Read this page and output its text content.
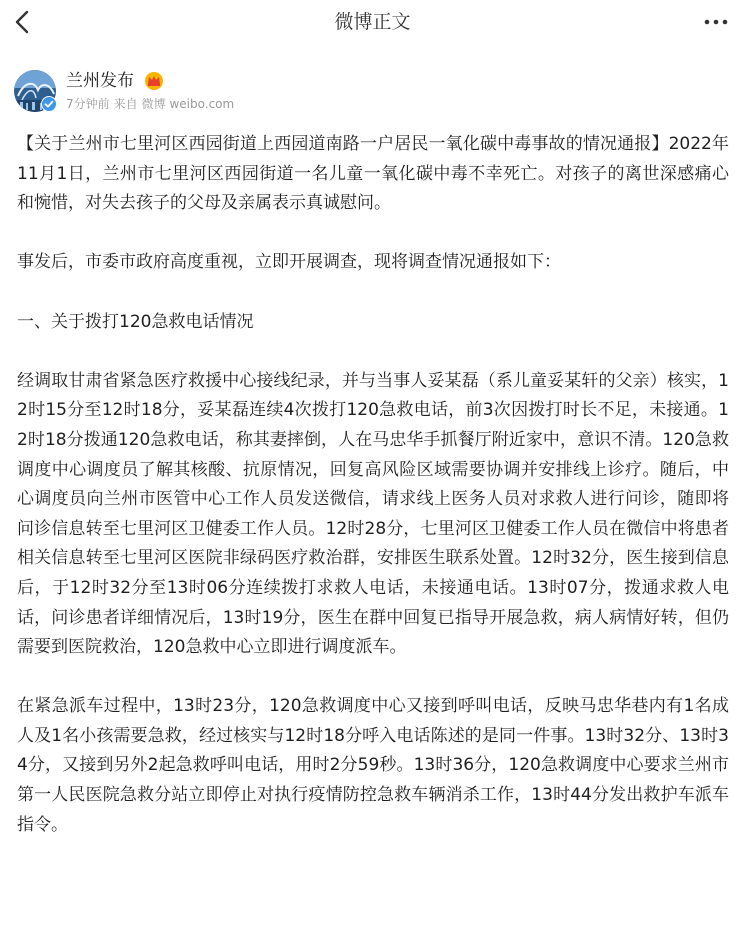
微博正文
兰州发布
7分钟前 来自 微博 weibo.com

【关于兰州市七里河区西园街道上西园道南路一户居民一氧化碳中毒事故的情况通报】2022年11月1日，兰州市七里河区西园街道一名儿童一氧化碳中毒不幸死亡。对孩子的离世深感痛心和惋惜，对失去孩子的父母及亲属表示真诚慰问。

事发后，市委市政府高度重视，立即开展调查，现将调查情况通报如下：

一、关于拨打120急救电话情况

经调取甘肃省紧急医疗救援中心接线纪录，并与当事人妥某磊（系儿童妥某轩的父亲）核实，12时15分至12时18分，妥某磊连续4次拨打120急救电话，前3次因拨打时长不足，未接通。12时18分拨通120急救电话，称其妻摔倒，人在马忠华手抓餐厅附近家中，意识不清。120急救调度中心调度员了解其核酸、抗原情况，回复高风险区域需要协调并安排线上诊疗。随后，中心调度员向兰州市医管中心工作人员发送微信，请求线上医务人员对求救人进行问诊，随即将问诊信息转至七里河区卫健委工作人员。12时28分，七里河区卫健委工作人员在微信中将患者相关信息转至七里河区医院非绿码医疗救治群，安排医生联系处置。12时32分，医生接到信息后，于12时32分至13时06分连续拨打求救人电话，未接通电话。13时07分，拨通求救人电话，问诊患者详细情况后，13时19分，医生在群中回复已指导开展急救，病人病情好转，但仍需要到医院救治，120急救中心立即进行调度派车。

在紧急派车过程中，13时23分，120急救调度中心又接到呼叫电话，反映马忠华巷内有1名成人及1名小孩需要急救，经过核实与12时18分呼入电话陈述的是同一件事。13时32分、13时34分，又接到另外2起急救呼叫电话，用时2分59秒。13时36分，120急救调度中心要求兰州市第一人民医院急救分站立即停止对执行疫情防控急救车辆消杀工作，13时44分发出救护车派车指令。
